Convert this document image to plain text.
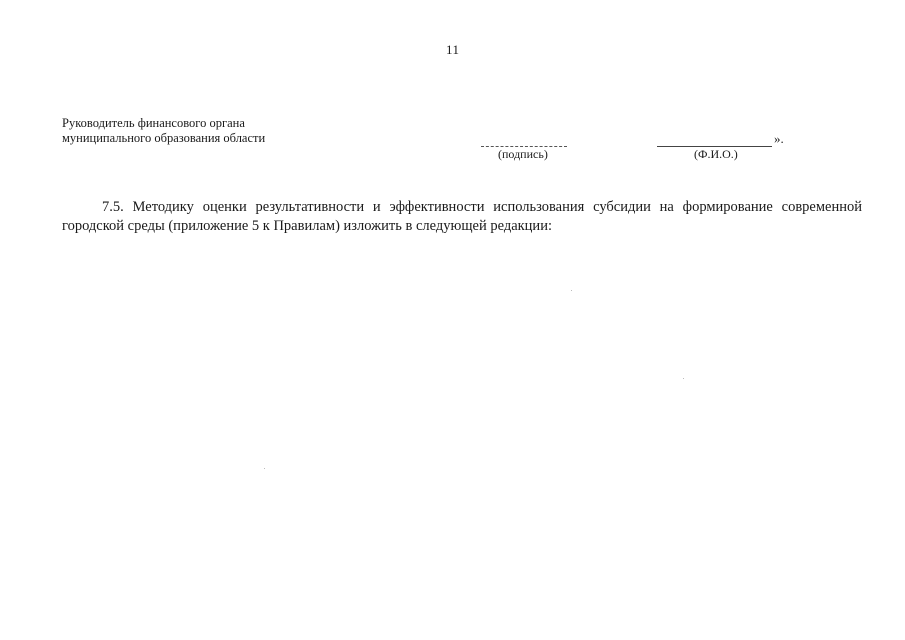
11
Руководитель финансового органа
муниципального образования области	».
(подпись)	(Ф.И.О.)

7.5. Методику оценки результативности и эффективности использования субсидии на формирование современной городской среды (приложение 5 к Правилам) изложить в следующей редакции:
